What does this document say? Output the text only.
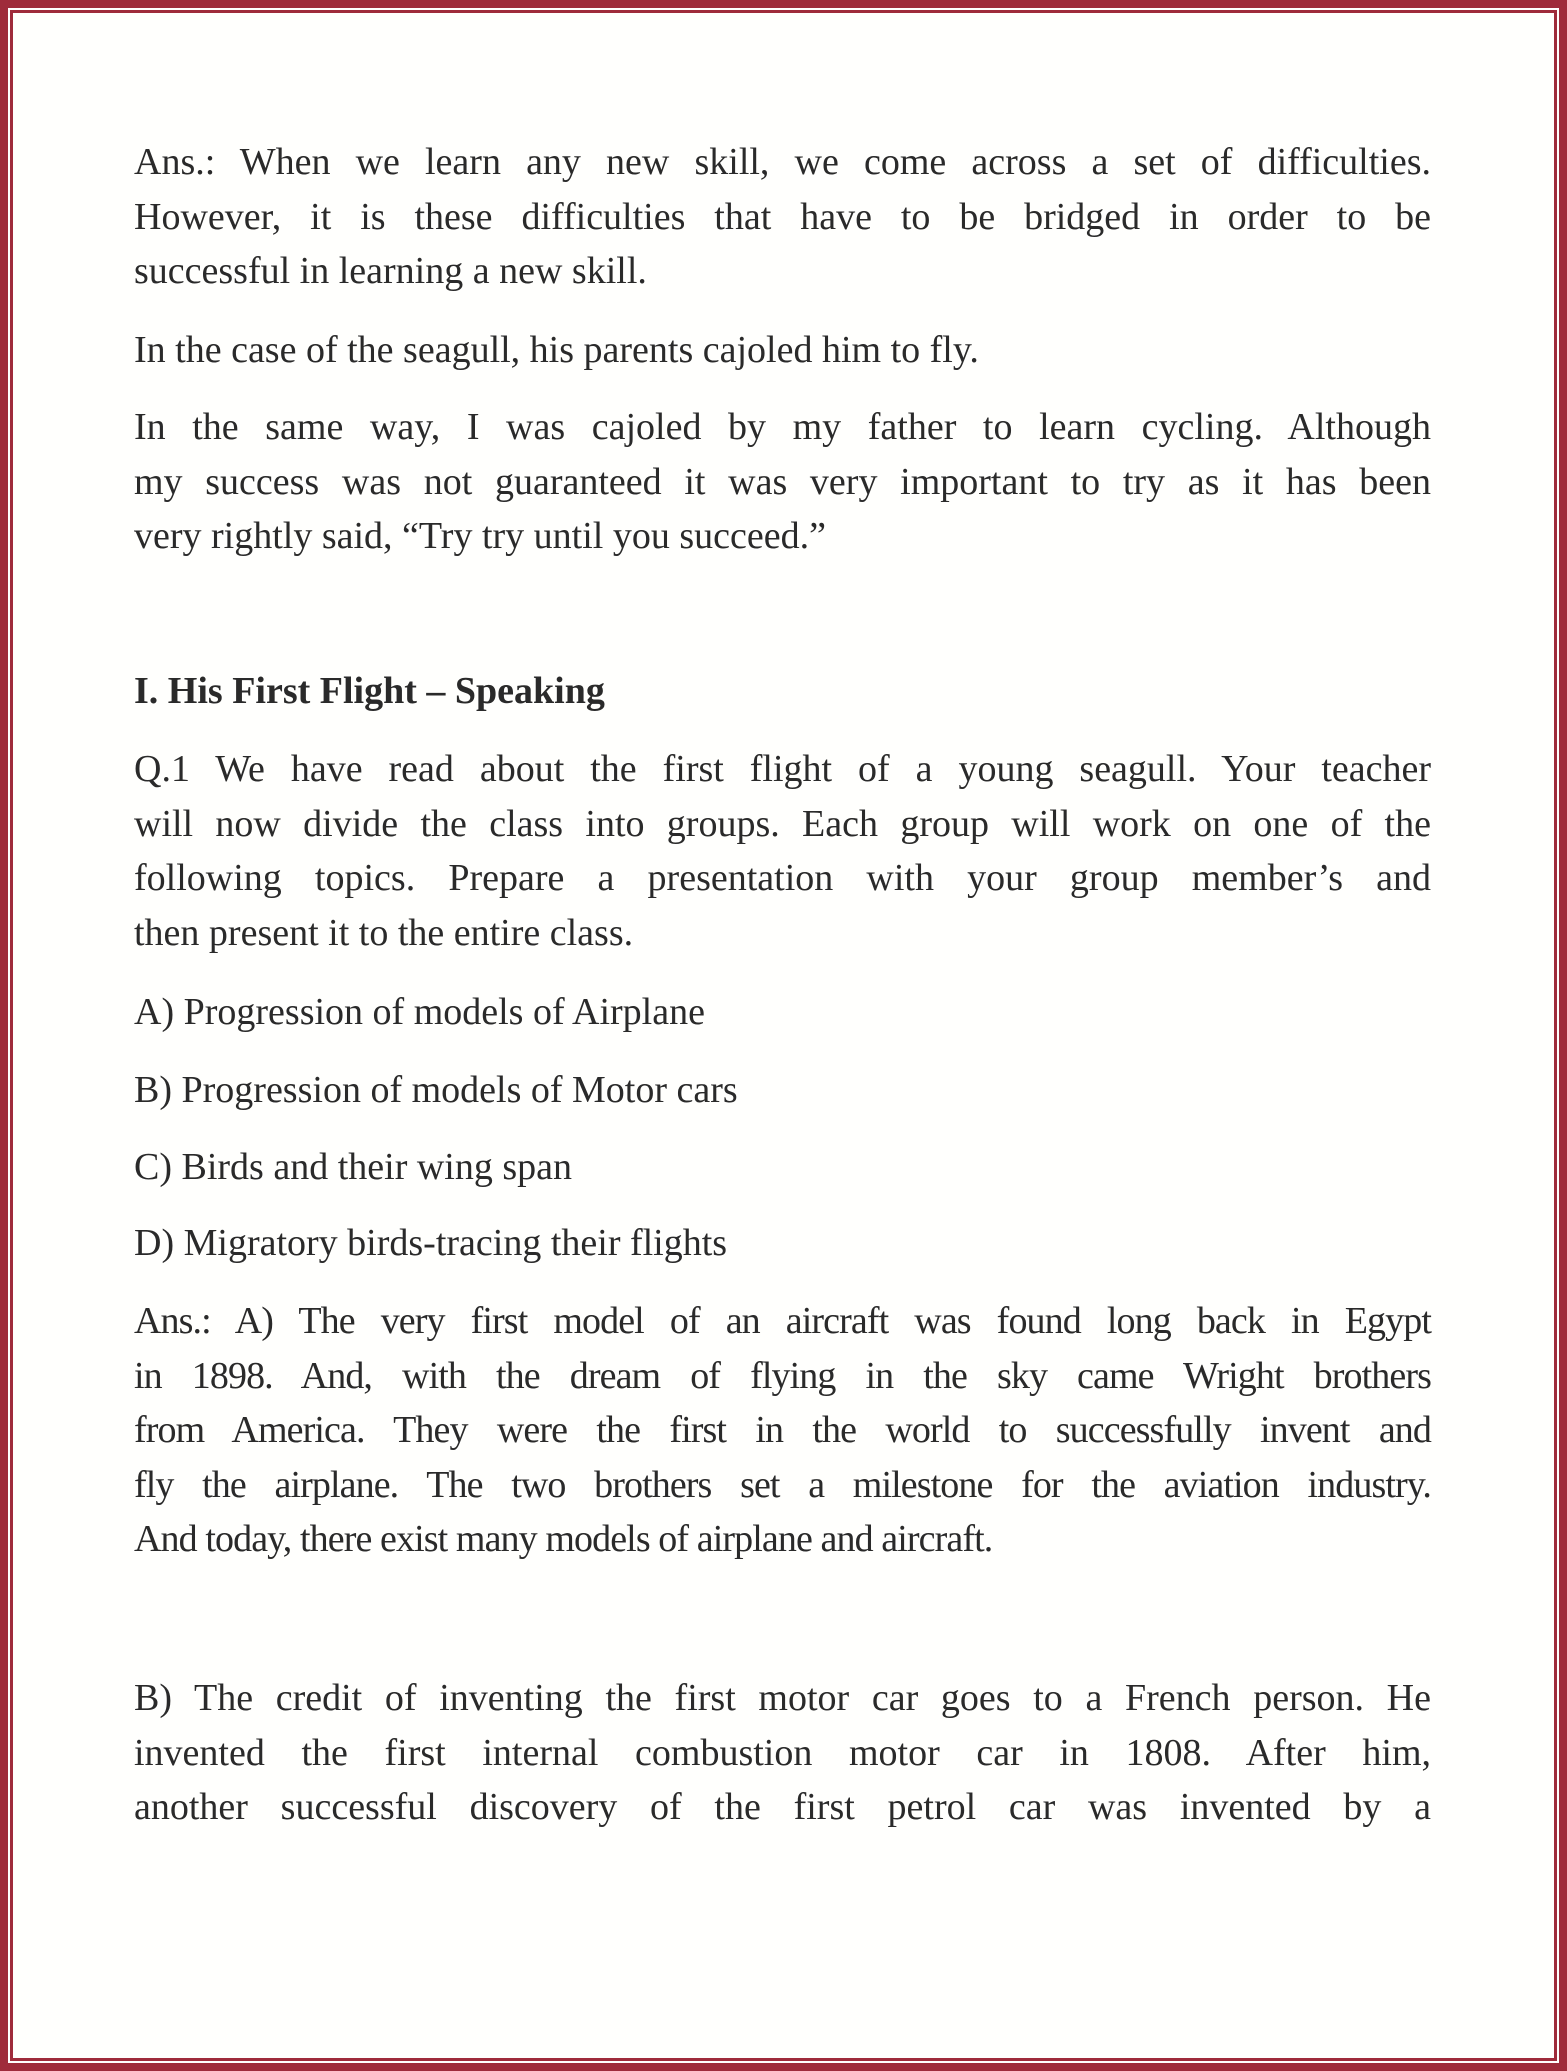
Ans.: When we learn any new skill, we come across a set of difficulties.
However, it is these difficulties that have to be bridged in order to be
successful in learning a new skill.
In the case of the seagull, his parents cajoled him to fly.
In the same way, I was cajoled by my father to learn cycling. Although
my success was not guaranteed it was very important to try as it has been
very rightly said, “Try try until you succeed.”
I. His First Flight – Speaking
Q.1 We have read about the first flight of a young seagull. Your teacher
will now divide the class into groups. Each group will work on one of the
following topics. Prepare a presentation with your group member’s and
then present it to the entire class.
A) Progression of models of Airplane
B) Progression of models of Motor cars
C) Birds and their wing span
D) Migratory birds-tracing their flights
Ans.: A) The very first model of an aircraft was found long back in Egypt
in 1898. And, with the dream of flying in the sky came Wright brothers
from America. They were the first in the world to successfully invent and
fly the airplane. The two brothers set a milestone for the aviation industry.
And today, there exist many models of airplane and aircraft.
B) The credit of inventing the first motor car goes to a French person. He
invented the first internal combustion motor car in 1808. After him,
another successful discovery of the first petrol car was invented by a
